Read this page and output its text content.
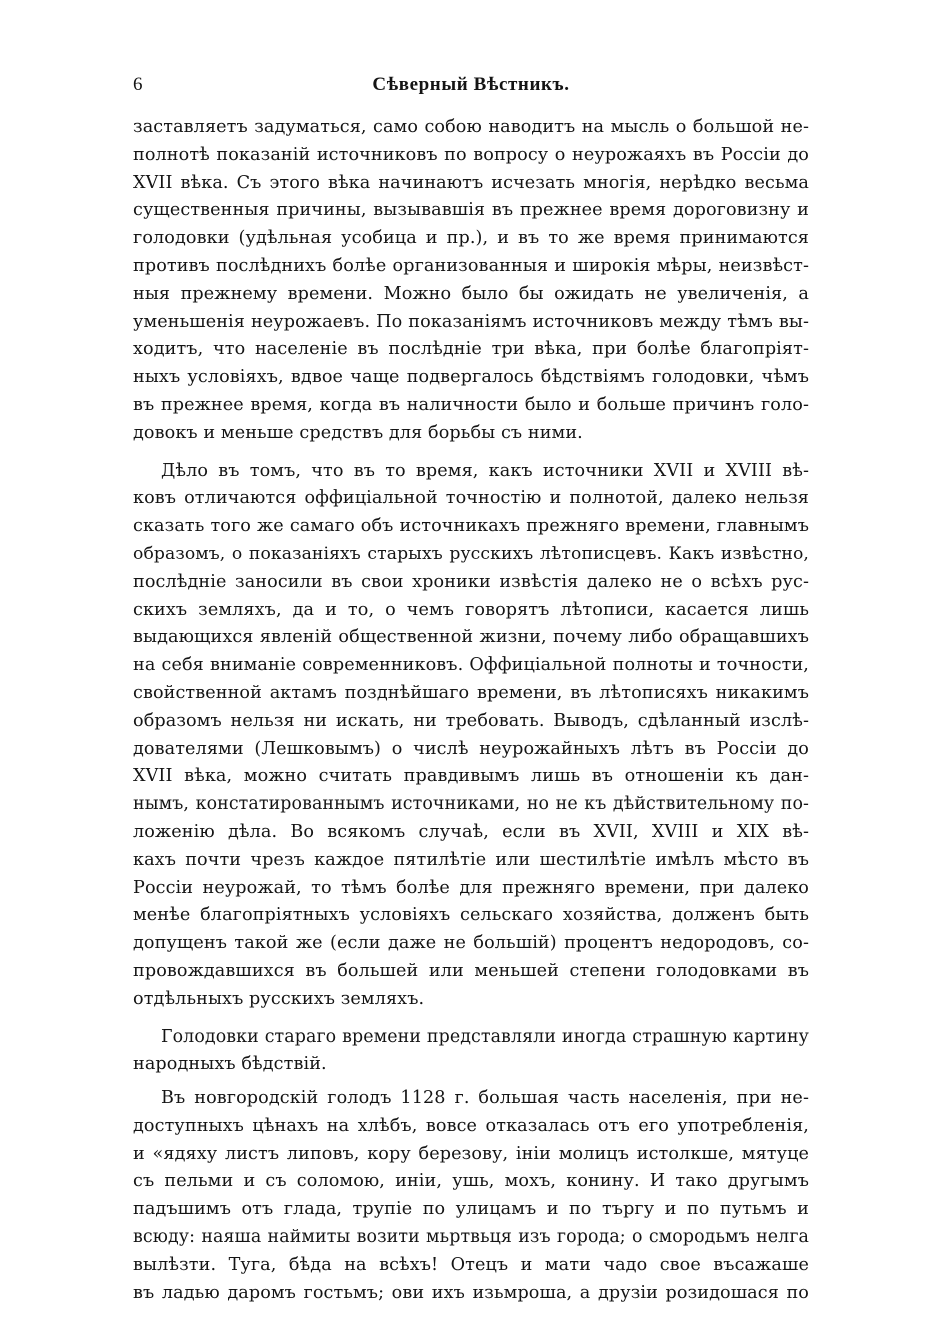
6	Сѣверный Вѣстникъ.
заставляетъ задуматься, само собою наводитъ на мысль о большой не-
полнотѣ показаній источниковъ по вопросу о неурожаяхъ въ Россіи до
XVII вѣка. Съ этого вѣка начинаютъ исчезать многія, нерѣдко весьма
существенныя причины, вызывавшія въ прежнее время дороговизну и
голодовки (удѣльная усобица и пр.), и въ то же время принимаются
противъ послѣднихъ болѣе организованныя и широкія мѣры, неизвѣст-
ныя прежнему времени. Можно было бы ожидать не увеличенія, а
уменьшенія неурожаевъ. По показаніямъ источниковъ между тѣмъ вы-
ходитъ, что населеніе въ послѣдніе три вѣка, при болѣе благопріят-
ныхъ условіяхъ, вдвое чаще подвергалось бѣдствіямъ голодовки, чѣмъ
въ прежнее время, когда въ наличности было и больше причинъ голо-
довокъ и меньше средствъ для борьбы съ ними.
Дѣло въ томъ, что въ то время, какъ источники XVII и XVIII вѣ-
ковъ отличаются оффиціальной точностію и полнотой, далеко нельзя
сказать того же самаго объ источникахъ прежняго времени, главнымъ
образомъ, о показаніяхъ старыхъ русскихъ лѣтописцевъ. Какъ извѣстно,
послѣдніе заносили въ свои хроники извѣстія далеко не о всѣхъ рус-
скихъ земляхъ, да и то, о чемъ говорятъ лѣтописи, касается лишь
выдающихся явленій общественной жизни, почему либо обращавшихъ
на себя вниманіе современниковъ. Оффиціальной полноты и точности,
свойственной актамъ позднѣйшаго времени, въ лѣтописяхъ никакимъ
образомъ нельзя ни искать, ни требовать. Выводъ, сдѣланный изслѣ-
дователями (Лешковымъ) о числѣ неурожайныхъ лѣтъ въ Россіи до
XVII вѣка, можно считать правдивымъ лишь въ отношеніи къ дан-
нымъ, констатированнымъ источниками, но не къ дѣйствительному по-
ложенію дѣла. Во всякомъ случаѣ, если въ XVII, XVIII и XIX вѣ-
кахъ почти чрезъ каждое пятилѣтіе или шестилѣтіе имѣлъ мѣсто въ
Россіи неурожай, то тѣмъ болѣе для прежняго времени, при далеко
менѣе благопріятныхъ условіяхъ сельскаго хозяйства, долженъ быть
допущенъ такой же (если даже не большій) процентъ недородовъ, со-
провождавшихся въ большей или меньшей степени голодовками въ
отдѣльныхъ русскихъ земляхъ.
Голодовки стараго времени представляли иногда страшную картину
народныхъ бѣдствій.
Въ новгородскій голодъ 1128 г. большая часть населенія, при не-
доступныхъ цѣнахъ на хлѣбъ, вовсе отказалась отъ его употребленія,
и «ядяху листъ липовъ, кору березову, ініи молицъ истолкше, мятуце
съ пельми и съ соломою, иніи, ушь, мохъ, конину. И тако другымъ
падъшимъ отъ глада, трупіе по улицамъ и по търгу и по путьмъ и
всюду: наяша наймиты возити мьртвьця изъ города; о смородьмъ нелга
вылѣзти. Туга, бѣда на всѣхъ! Отецъ и мати чадо свое въсажаше
въ ладью даромъ гостьмъ; ови ихъ изьмроша, а друзіи розидошася по
